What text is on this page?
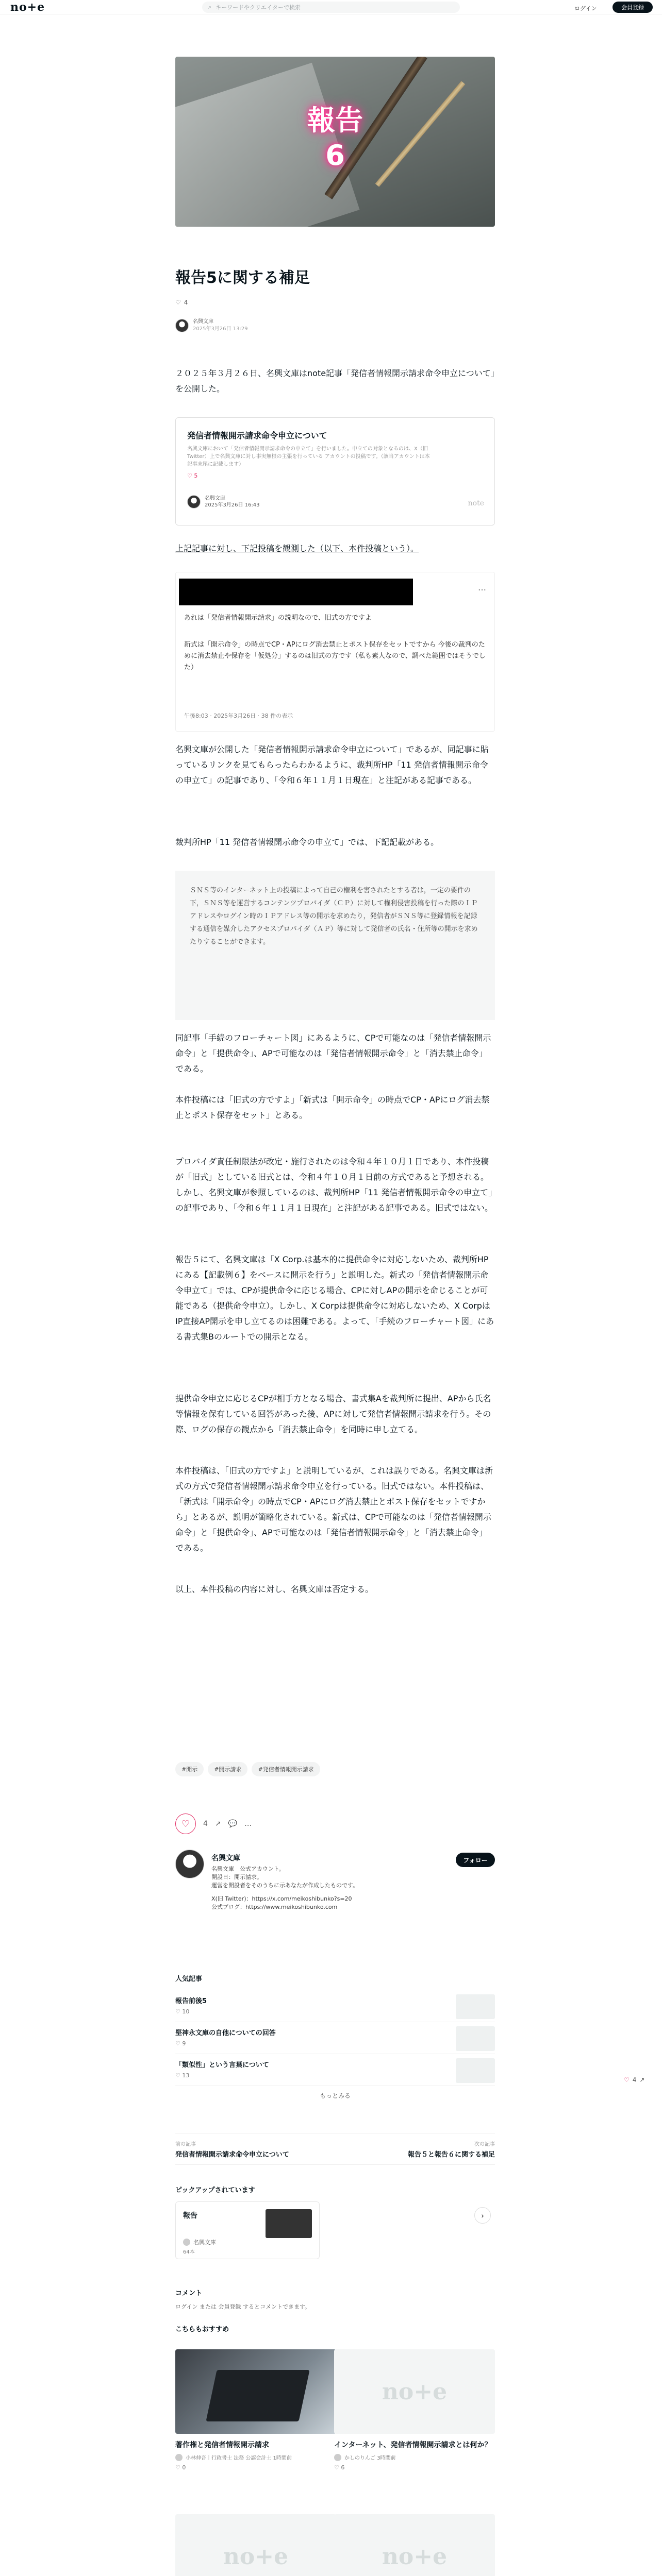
no+e	⌕ キーワードやクリエイターで検索	ログイン	会員登録
報告
6
報告5に関する補足
♡ 4
名興文庫
2025年3月26日 13:29

２０２５年３月２６日、名興文庫はnote記事「発信者情報開示請求命令申立について」を公開した。

発信者情報開示請求命令申立について
名興文庫において「発信者情報開示請求命令の申立て」を行いました。申立ての対象となるのは、X（旧Twitter）上で名興文庫に対し事実無根の主張を行っている アカウントの投稿です。（該当アカウントは本記事末尾に記載します）
♡ 5
名興文庫
2025年3月26日 16:43	note

上記記事に対し、下記投稿を観測した（以下、本件投稿という）。

…
あれは「発信者情報開示請求」の説明なので、旧式の方ですよ
新式は「開示命令」の時点でCP・APにログ消去禁止とポスト保存をセットですから 今後の裁判のために消去禁止や保存を「仮処分」するのは旧式の方です（私も素人なので、調べた範囲ではそうでした）
午後8:03 · 2025年3月26日 · 38 件の表示

名興文庫が公開した「発信者情報開示請求命令申立について」であるが、同記事に貼っているリンクを見てもらったらわかるように、裁判所HP「11 発信者情報開示命令の申立て」の記事であり、「令和６年１１月１日現在」と注記がある記事である。

裁判所HP「11 発信者情報開示命令の申立て」では、下記記載がある。

ＳＮＳ等のインターネット上の投稿によって自己の権利を害されたとする者は，一定の要件の下，ＳＮＳ等を運営するコンテンツプロバイダ（ＣＰ）に対して権利侵害投稿を行った際のＩＰアドレスやログイン時のＩＰアドレス等の開示を求めたり，発信者がＳＮＳ等に登録情報を記録する通信を媒介したアクセスプロバイダ（ＡＰ）等に対して発信者の氏名・住所等の開示を求めたりすることができます。

同記事「手続のフローチャート図」にあるように、CPで可能なのは「発信者情報開示命令」と「提供命令」、APで可能なのは「発信者情報開示命令」と「消去禁止命令」である。

本件投稿には「旧式の方ですよ」「新式は「開示命令」の時点でCP・APにログ消去禁止とポスト保存をセット」とある。

プロバイダ責任制限法が改定・施行されたのは令和４年１０月１日であり、本件投稿が「旧式」としている旧式とは、令和４年１０月１日前の方式であると予想される。しかし、名興文庫が参照しているのは、裁判所HP「11 発信者情報開示命令の申立て」の記事であり、「令和６年１１月１日現在」と注記がある記事である。旧式ではない。

報告５にて、名興文庫は「X Corp.は基本的に提供命令に対応しないため、裁判所HPにある【記載例６】をベースに開示を行う」と説明した。新式の「発信者情報開示命令申立て」では、CPが提供命令に応じる場合、CPに対しAPの開示を命じることが可能である（提供命令申立）。しかし、X Corpは提供命令に対応しないため、X CorpはIP直接AP開示を申し立てるのは困難である。よって、「手続のフローチャート図」にある書式集Bのルートでの開示となる。

提供命令申立に応じるCPが相手方となる場合、書式集Aを裁判所に提出、APから氏名等情報を保有している回答があった後、APに対して発信者情報開示請求を行う。その際、ログの保存の観点から「消去禁止命令」を同時に申し立てる。

本件投稿は、「旧式の方ですよ」と説明しているが、これは誤りである。名興文庫は新式の方式で発信者情報開示請求命令申立を行っている。旧式ではない。本件投稿は、「新式は「開示命令」の時点でCP・APにログ消去禁止とポスト保存をセットですから」とあるが、説明が簡略化されている。新式は、CPで可能なのは「発信者情報開示命令」と「提供命令」、APで可能なのは「発信者情報開示命令」と「消去禁止命令」である。

以上、本件投稿の内容に対し、名興文庫は否定する。

#開示	#開示請求	#発信者情報開示請求
♡	4 ↗ 💬 …
名興文庫
名興文庫　公式アカウント。
開設日：開示請求。
運営を開設者をそのうちに示あなたが作成したものです。
X(旧 Twitter)：https://x.com/meikoshibunko?s=20
公式ブログ：https://www.meikoshibunko.com
フォロー
人気記事
報告前後5
♡ 10
堅神永文庫の自他についての回答
♡ 9
「類似性」という言葉について
♡ 13
もっとみる
前の記事
発信者情報開示請求命令申立について
次の記事
報告５と報告６に関する補足
ピックアップされています
報告
名興文庫
64本
›
コメント
ログイン または 会員登録 するとコメントできます。
こちらもおすすめ
著作権と発信者情報開示請求
小林伸吾｜行政書士 法務 公認会計士 1時間前
♡ 0
no+e
インターネット、発信者情報開示請求とは何か？
かしのりんご 3時間前
♡ 6
no+e	no+e
♡ 4 ↗
